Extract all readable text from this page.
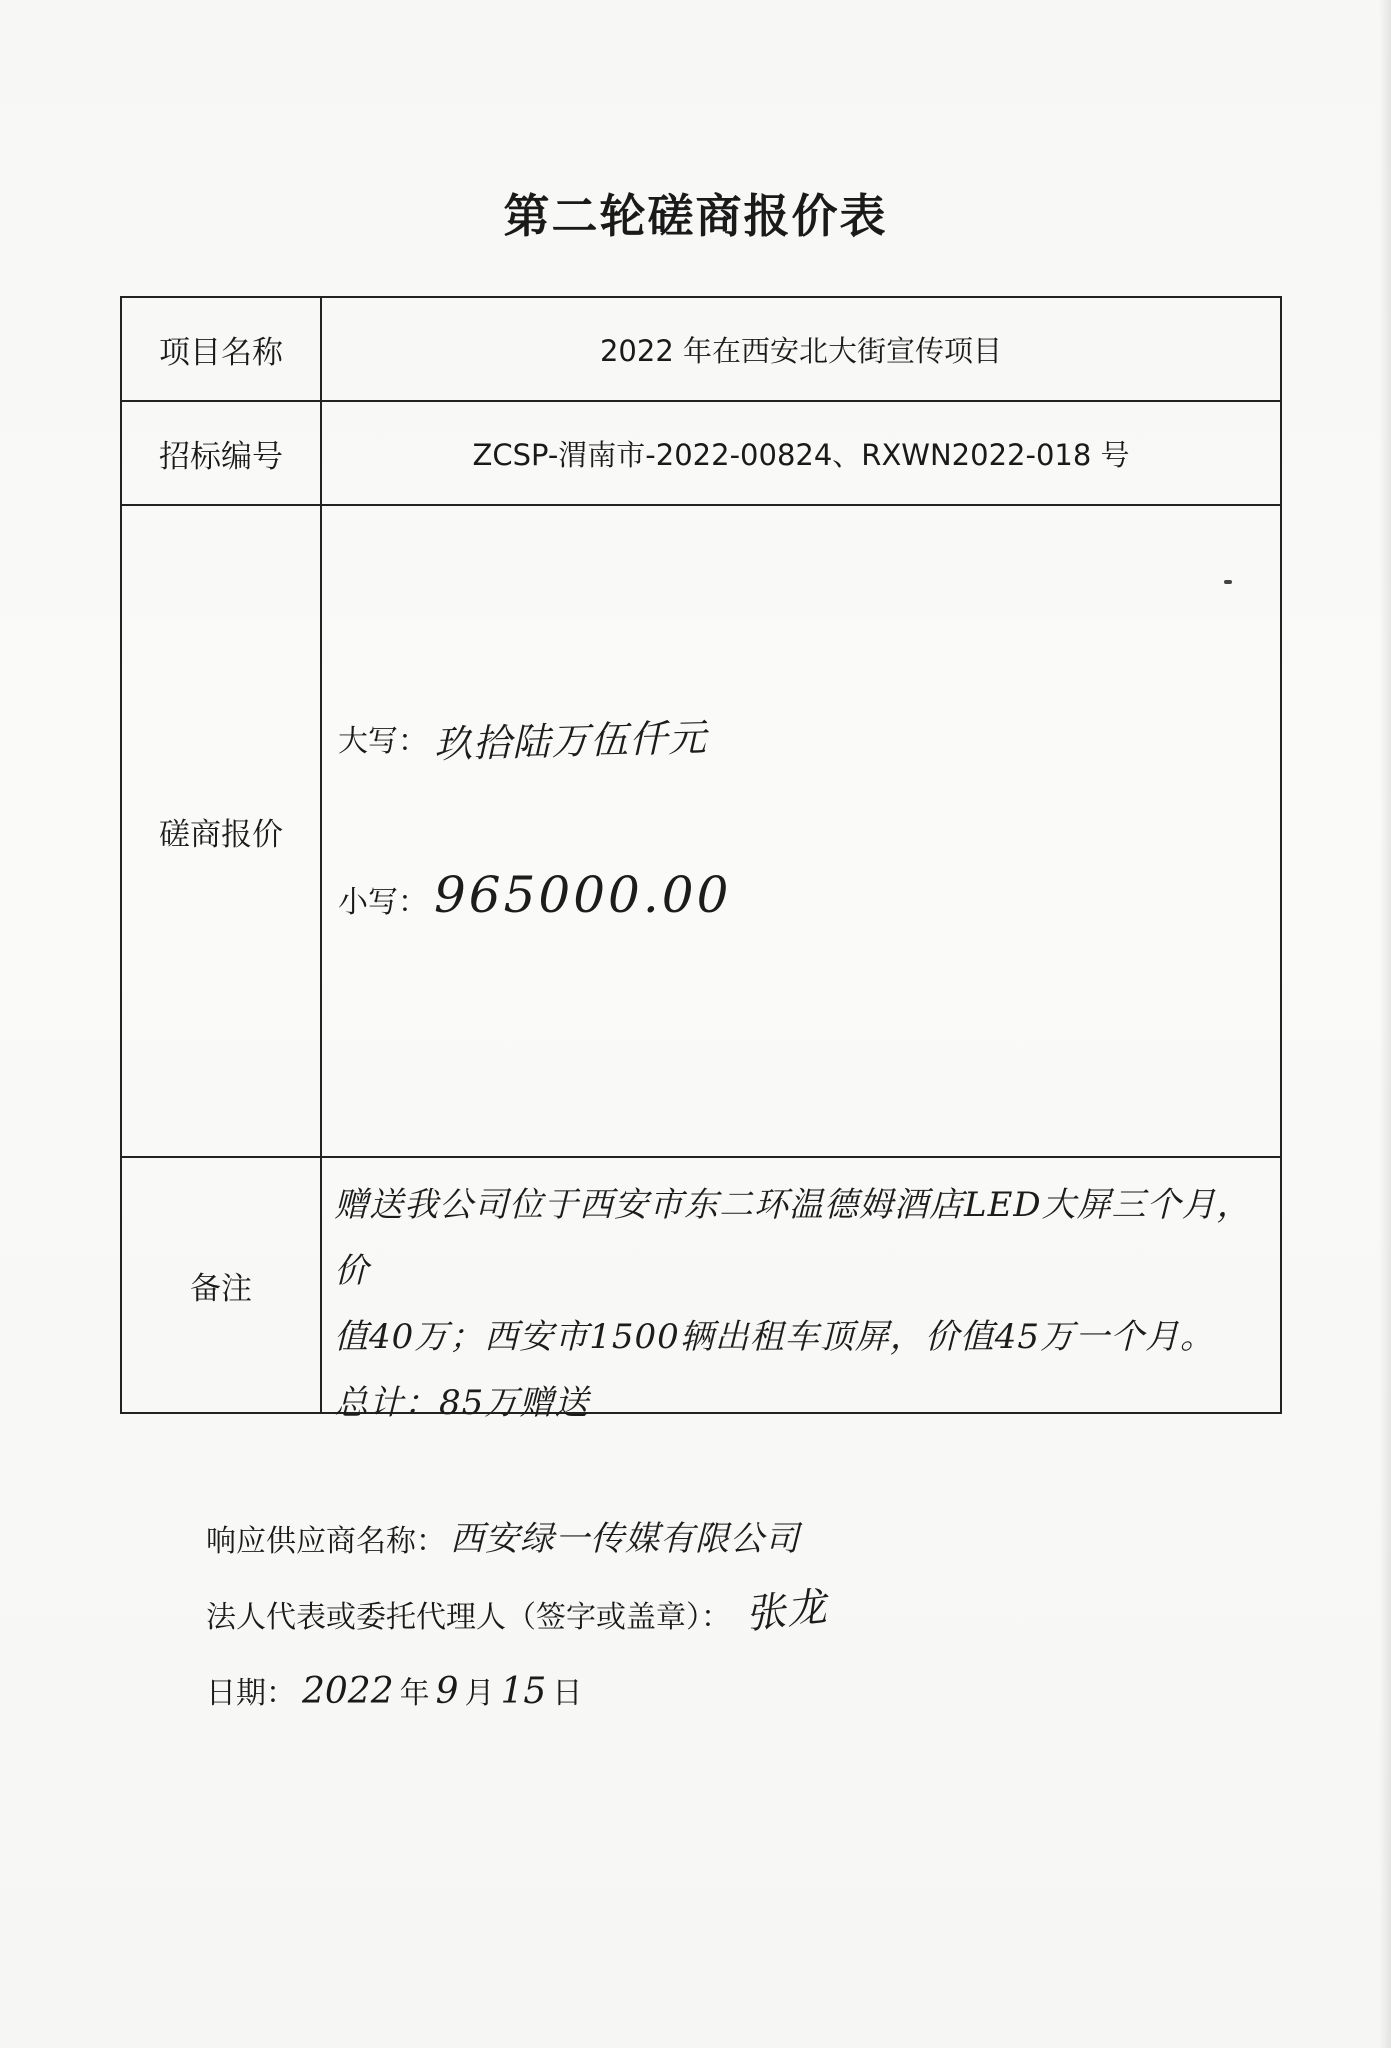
第二轮磋商报价表
项目名称	2022 年在西安北大街宣传项目
招标编号	ZCSP-渭南市-2022-00824、RXWN2022-018 号
磋商报价
大写： 玖拾陆万伍仟元
小写： 965000.00
备注
赠送我公司位于西安市东二环温德姆酒店LED大屏三个月，价
值40万；西安市1500辆出租车顶屏，价值45万一个月。
总计：85万赠送
响应供应商名称： 西安绿一传媒有限公司
法人代表或委托代理人（签字或盖章）： 张龙
日期： 2022 年 9 月 15 日
